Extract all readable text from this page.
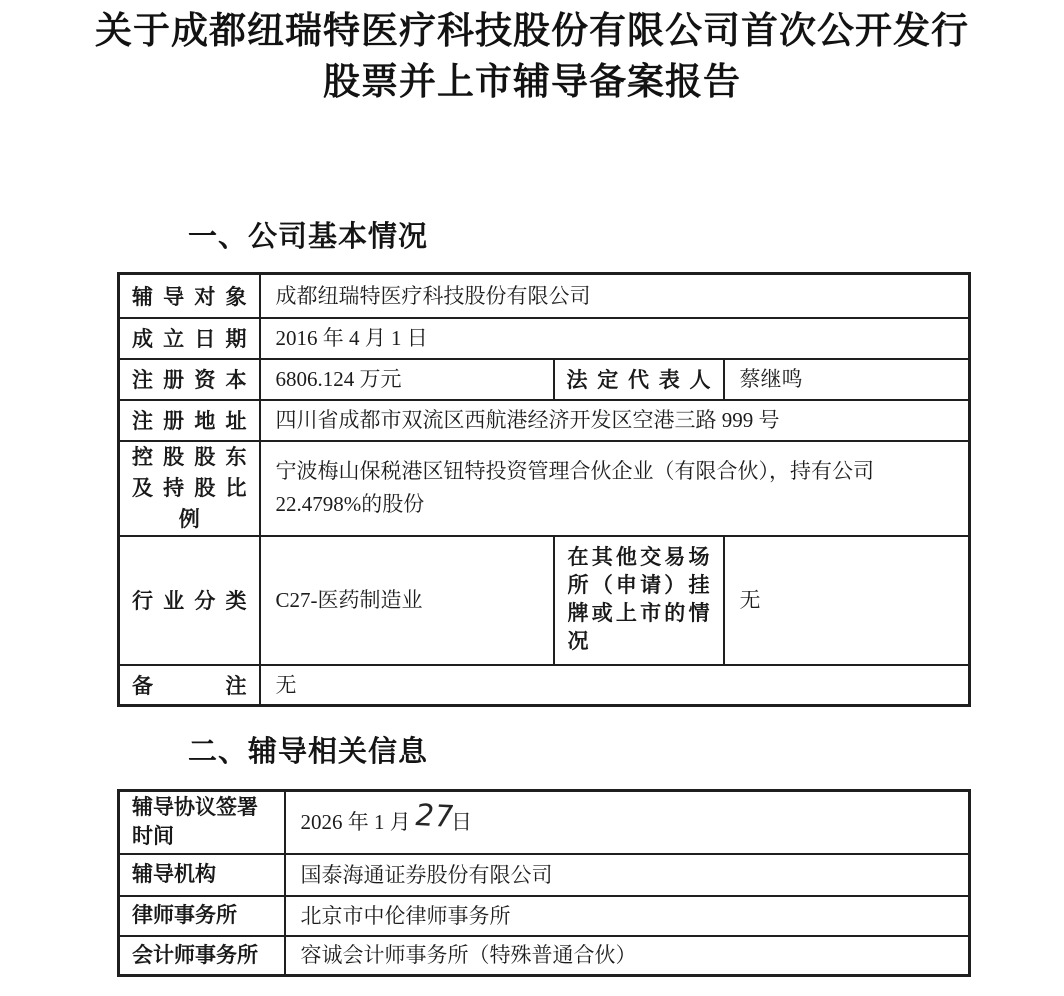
关于成都纽瑞特医疗科技股份有限公司首次公开发行
股票并上市辅导备案报告
一、公司基本情况
辅 导 对 象	成都纽瑞特医疗科技股份有限公司		

成 立 日 期	2016 年 4 月 1 日		

注 册 资 本	6806.124 万元	法 定 代 表 人	蔡继鸣

注 册 地 址	四川省成都市双流区西航港经济开发区空港三路 999 号		

控 股 股 东
及 持 股 比
例
	宁波梅山保税港区钮特投资管理合伙企业（有限合伙），持有公司22.4798%的股份

行 业 分 类	C27-医药制造业	在其他交易场所（申请）挂牌或上市的情况	无

备 注	无		
二、辅导相关信息
辅导协议签署时间	2026 年 1 月27日
辅导机构	国泰海通证券股份有限公司
律师事务所	北京市中伦律师事务所
会计师事务所	容诚会计师事务所（特殊普通合伙）
